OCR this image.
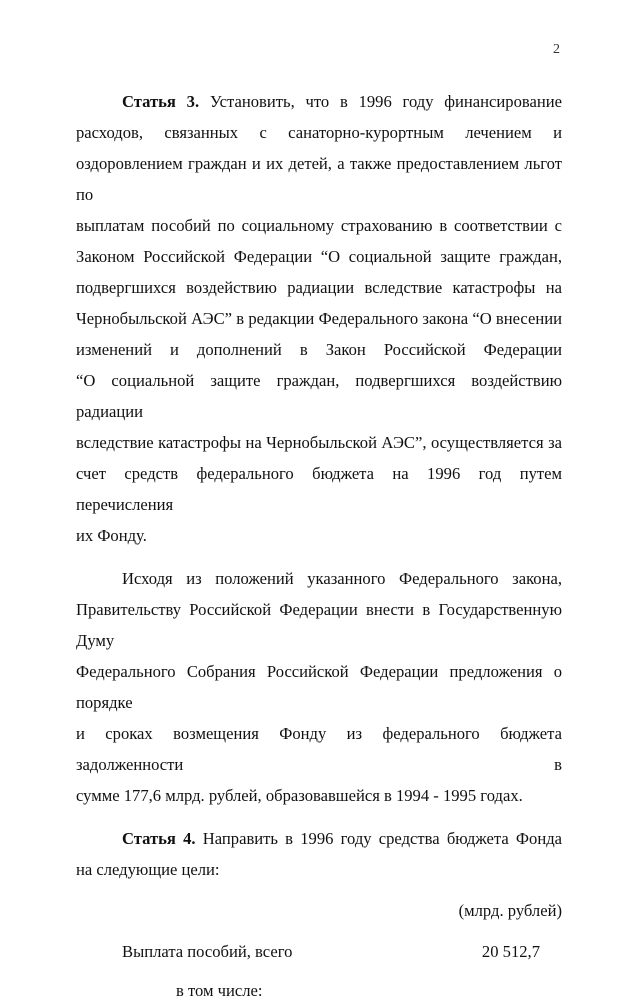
2
Статья 3. Установить, что в 1996 году финансирование
расходов, связанных с санаторно-курортным лечением и
оздоровлением граждан и их детей, а также предоставлением льгот по
выплатам пособий по социальному страхованию в соответствии с
Законом Российской Федерации “О социальной защите граждан,
подвергшихся воздействию радиации вследствие катастрофы на
Чернобыльской АЭС” в редакции Федерального закона “О внесении
изменений и дополнений в Закон Российской Федерации
“О социальной защите граждан, подвергшихся воздействию радиации
вследствие катастрофы на Чернобыльской АЭС”, осуществляется за
счет средств федерального бюджета на 1996 год путем перечисления
их Фонду.
Исходя из положений указанного Федерального закона,
Правительству Российской Федерации внести в Государственную Думу
Федерального Собрания Российской Федерации предложения о порядке
и сроках возмещения Фонду из федерального бюджета задолженности в
сумме 177,6 млрд. рублей, образовавшейся в 1994 - 1995 годах.
Статья 4. Направить в 1996 году средства бюджета Фонда
на следующие цели:
(млрд. рублей)
Выплата пособий, всего	20 512,7
в том числе:
